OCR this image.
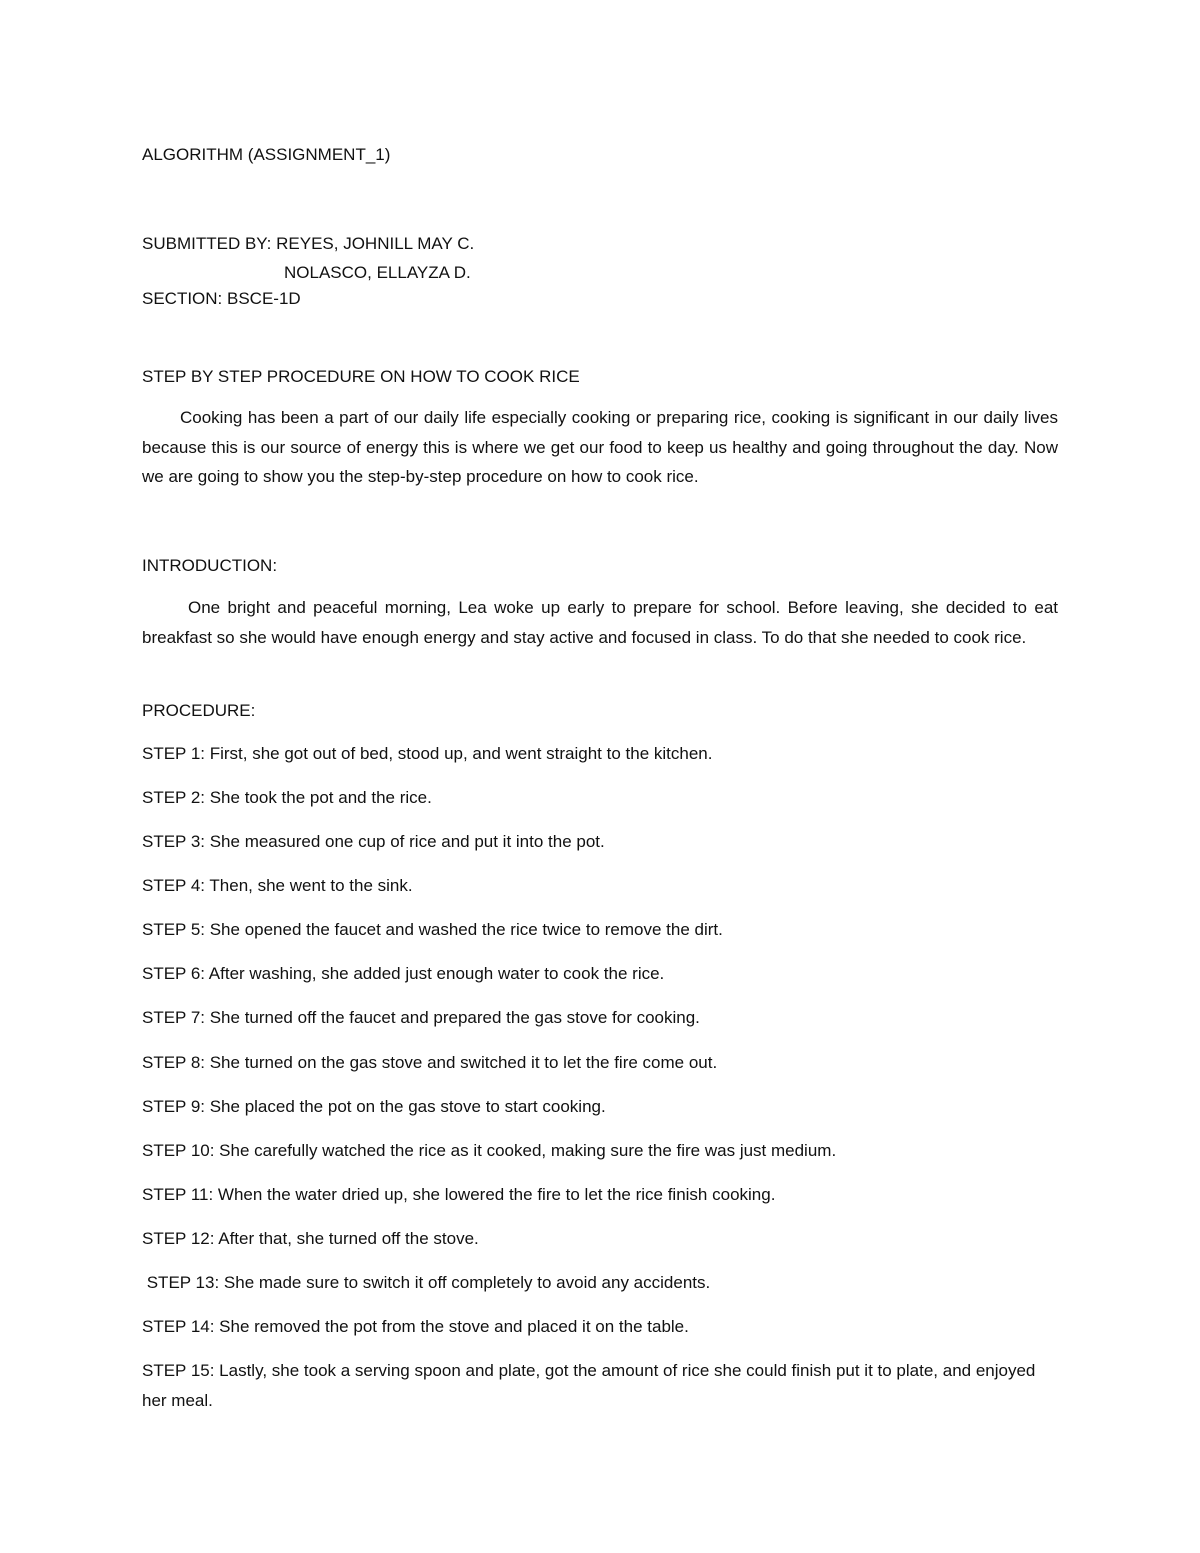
ALGORITHM (ASSIGNMENT_1)
SUBMITTED BY: REYES, JOHNILL MAY C.
NOLASCO, ELLAYZA D.
SECTION: BSCE-1D
STEP BY STEP PROCEDURE ON HOW TO COOK RICE
Cooking has been a part of our daily life especially cooking or preparing rice, cooking is significant in our daily lives because this is our source of energy this is where we get our food to keep us healthy and going throughout the day. Now we are going to show you the step-by-step procedure on how to cook rice.
INTRODUCTION:
One bright and peaceful morning, Lea woke up early to prepare for school. Before leaving, she decided to eat breakfast so she would have enough energy and stay active and focused in class. To do that she needed to cook rice.
PROCEDURE:
STEP 1: First, she got out of bed, stood up, and went straight to the kitchen.
STEP 2: She took the pot and the rice.
STEP 3: She measured one cup of rice and put it into the pot.
STEP 4: Then, she went to the sink.
STEP 5: She opened the faucet and washed the rice twice to remove the dirt.
STEP 6: After washing, she added just enough water to cook the rice.
STEP 7: She turned off the faucet and prepared the gas stove for cooking.
STEP 8: She turned on the gas stove and switched it to let the fire come out.
STEP 9: She placed the pot on the gas stove to start cooking.
STEP 10: She carefully watched the rice as it cooked, making sure the fire was just medium.
STEP 11: When the water dried up, she lowered the fire to let the rice finish cooking.
STEP 12: After that, she turned off the stove.
STEP 13: She made sure to switch it off completely to avoid any accidents.
STEP 14: She removed the pot from the stove and placed it on the table.
STEP 15: Lastly, she took a serving spoon and plate, got the amount of rice she could finish put it to plate, and enjoyed her meal.
